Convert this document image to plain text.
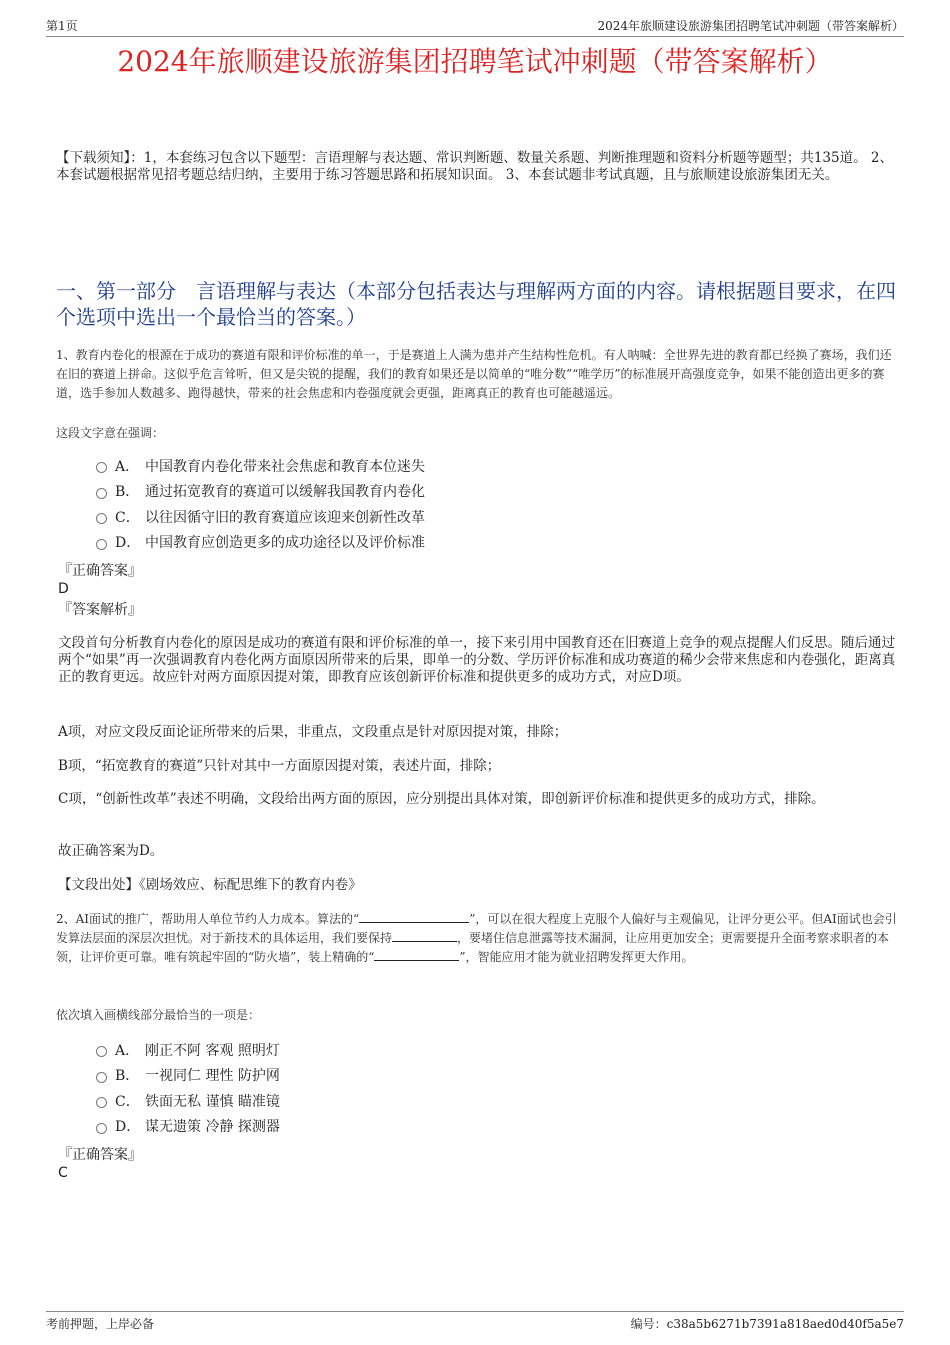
第1页	2024年旅顺建设旅游集团招聘笔试冲刺题（带答案解析）
2024年旅顺建设旅游集团招聘笔试冲刺题（带答案解析）
【下载须知】：1，本套练习包含以下题型：言语理解与表达题、常识判断题、数量关系题、判断推理题和资料分析题等题型；共135道。 2、本套试题根据常见招考题总结归纳，主要用于练习答题思路和拓展知识面。 3、本套试题非考试真题，且与旅顺建设旅游集团无关。
一、第一部分　言语理解与表达（本部分包括表达与理解两方面的内容。请根据题目要求，在四个选项中选出一个最恰当的答案。）
1、教育内卷化的根源在于成功的赛道有限和评价标准的单一，于是赛道上人满为患并产生结构性危机。有人呐喊：全世界先进的教育都已经换了赛场，我们还在旧的赛道上拼命。这似乎危言耸听，但又是尖锐的提醒，我们的教育如果还是以简单的“唯分数”“唯学历”的标准展开高强度竞争，如果不能创造出更多的赛道，选手参加人数越多、跑得越快，带来的社会焦虑和内卷强度就会更强，距离真正的教育也可能越遥远。
这段文字意在强调：
A． 中国教育内卷化带来社会焦虑和教育本位迷失
B． 通过拓宽教育的赛道可以缓解我国教育内卷化
C． 以往因循守旧的教育赛道应该迎来创新性改革
D． 中国教育应创造更多的成功途径以及评价标准
『正确答案』
D
『答案解析』
文段首句分析教育内卷化的原因是成功的赛道有限和评价标准的单一，接下来引用中国教育还在旧赛道上竞争的观点提醒人们反思。随后通过两个“如果”再一次强调教育内卷化两方面原因所带来的后果，即单一的分数、学历评价标准和成功赛道的稀少会带来焦虑和内卷强化，距离真正的教育更远。故应针对两方面原因提对策，即教育应该创新评价标准和提供更多的成功方式，对应D项。
A项，对应文段反面论证所带来的后果，非重点，文段重点是针对原因提对策，排除；
B项，“拓宽教育的赛道”只针对其中一方面原因提对策，表述片面，排除；
C项，“创新性改革”表述不明确，文段给出两方面的原因，应分别提出具体对策，即创新评价标准和提供更多的成功方式，排除。
故正确答案为D。
【文段出处】《剧场效应、标配思维下的教育内卷》
2、AI面试的推广，帮助用人单位节约人力成本。算法的“	”，可以在很大程度上克服个人偏好与主观偏见，让评分更公平。但AI面试也会引发算法层面的深层次担忧。对于新技术的具体运用，我们要保持	，要堵住信息泄露等技术漏洞，让应用更加安全；更需要提升全面考察求职者的本领，让评价更可靠。唯有筑起牢固的“防火墙”，装上精确的“	”，智能应用才能为就业招聘发挥更大作用。
依次填入画横线部分最恰当的一项是：
A． 刚正不阿 客观 照明灯
B． 一视同仁 理性 防护网
C． 铁面无私 谨慎 瞄准镜
D． 谋无遗策 冷静 探测器
『正确答案』
C
考前押题，上岸必备	编号：c38a5b6271b7391a818aed0d40f5a5e7
